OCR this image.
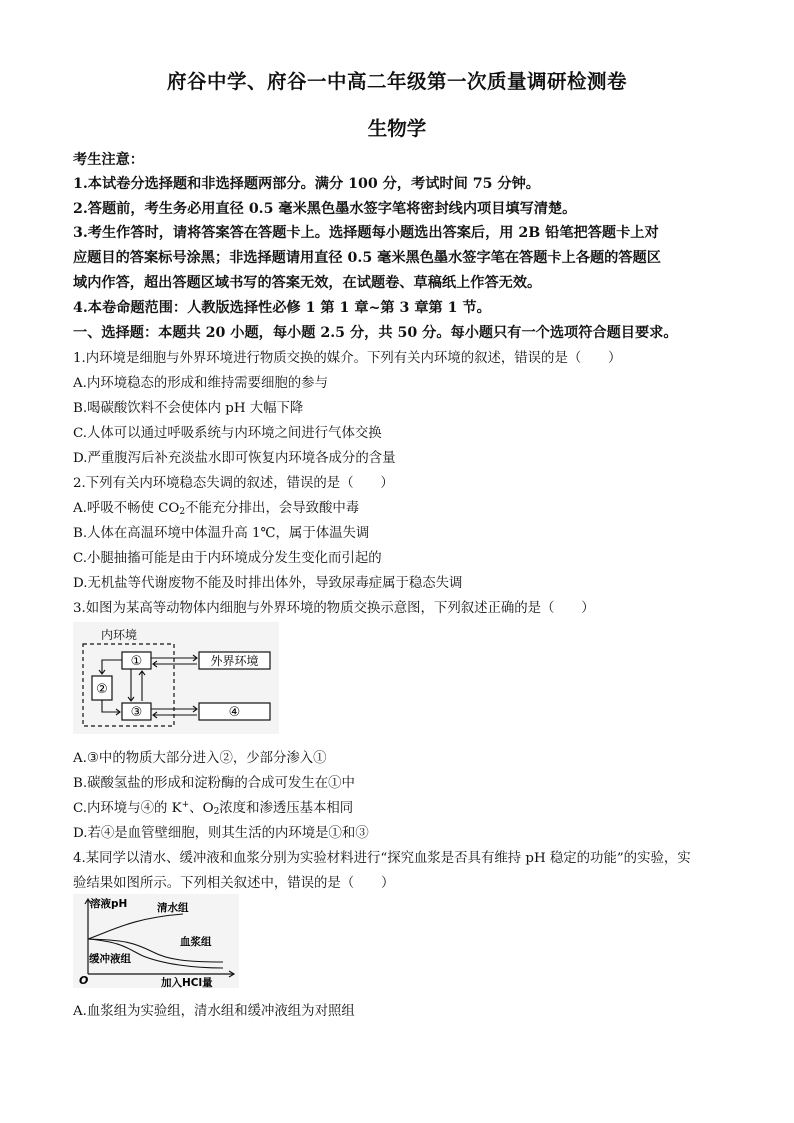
府谷中学、府谷一中高二年级第一次质量调研检测卷
生物学
考生注意：
1.本试卷分选择题和非选择题两部分。满分 100 分，考试时间 75 分钟。
2.答题前，考生务必用直径 0.5 毫米黑色墨水签字笔将密封线内项目填写清楚。
3.考生作答时，请将答案答在答题卡上。选择题每小题选出答案后，用 2B 铅笔把答题卡上对
应题目的答案标号涂黑；非选择题请用直径 0.5 毫米黑色墨水签字笔在答题卡上各题的答题区
域内作答，超出答题区域书写的答案无效，在试题卷、草稿纸上作答无效。
4.本卷命题范围：人教版选择性必修 1 第 1 章~第 3 章第 1 节。
一、选择题：本题共 20 小题，每小题 2.5 分，共 50 分。每小题只有一个选项符合题目要求。
1.内环境是细胞与外界环境进行物质交换的媒介。下列有关内环境的叙述，错误的是（　　）
A.内环境稳态的形成和维持需要细胞的参与
B.喝碳酸饮料不会使体内 pH 大幅下降
C.人体可以通过呼吸系统与内环境之间进行气体交换
D.严重腹泻后补充淡盐水即可恢复内环境各成分的含量
2.下列有关内环境稳态失调的叙述，错误的是（　　）
A.呼吸不畅使 $CO_2$不能充分排出，会导致酸中毒
B.人体在高温环境中体温升高 1℃，属于体温失调
C.小腿抽搐可能是由于内环境成分发生变化而引起的
D.无机盐等代谢废物不能及时排出体外，导致尿毒症属于稳态失调
3.如图为某高等动物体内细胞与外界环境的物质交换示意图，下列叙述正确的是（　　）
内环境
①
②
③
外界环境
④
A.③中的物质大部分进入②，少部分渗入①
B.碳酸氢盐的形成和淀粉酶的合成可发生在①中
C.内环境与④的 K+、$O_2$浓度和渗透压基本相同
D.若④是血管壁细胞，则其生活的内环境是①和③
4.某同学以清水、缓冲液和血浆分别为实验材料进行“探究血浆是否具有维持 pH 稳定的功能”的实验，实
验结果如图所示。下列相关叙述中，错误的是（　　）
溶液pH
加入HCl量
O
清水组
血浆组
缓冲液组
A.血浆组为实验组，清水组和缓冲液组为对照组
